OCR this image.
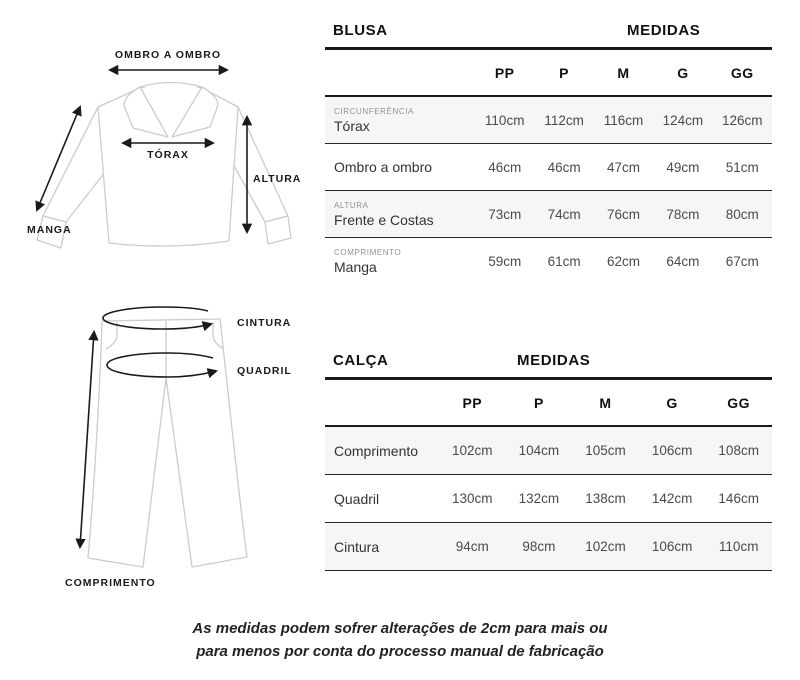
OMBRO A OMBRO
TÓRAX
ALTURA
MANGA
CINTURA
QUADRIL
COMPRIMENTO
BLUSA	MEDIDAS
PP	P	M	G	GG
CIRCUNFERÊNCIA
Tórax	110cm	112cm	116cm	124cm	126cm
Ombro a ombro	46cm	46cm	47cm	49cm	51cm
ALTURA
Frente e Costas	73cm	74cm	76cm	78cm	80cm
COMPRIMENTO
Manga	59cm	61cm	62cm	64cm	67cm
CALÇA	MEDIDAS
PP	P	M	G	GG
Comprimento	102cm	104cm	105cm	106cm	108cm
Quadril	130cm	132cm	138cm	142cm	146cm
Cintura	94cm	98cm	102cm	106cm	110cm
As medidas podem sofrer alterações de 2cm para mais ou
para menos por conta do processo manual de fabricação
